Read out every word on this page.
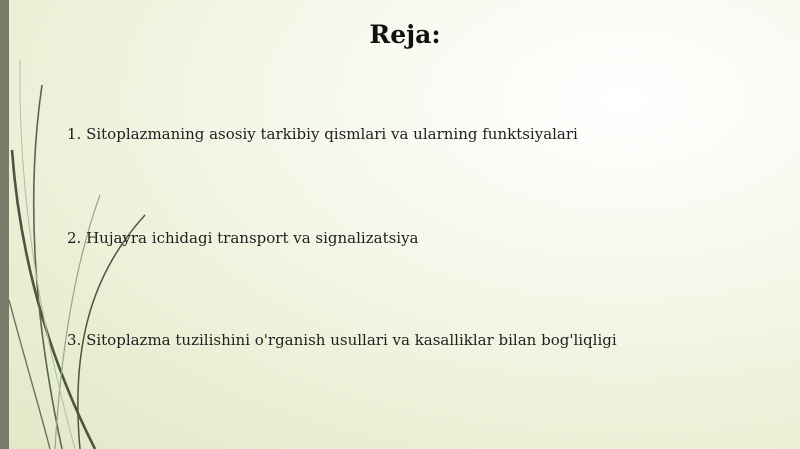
Reja:
1. Sitoplazmaning asosiy tarkibiy qismlari va ularning funktsiyalari
2. Hujayra ichidagi transport va signalizatsiya
3. Sitoplazma tuzilishini o'rganish usullari va kasalliklar bilan bog'liqligi
